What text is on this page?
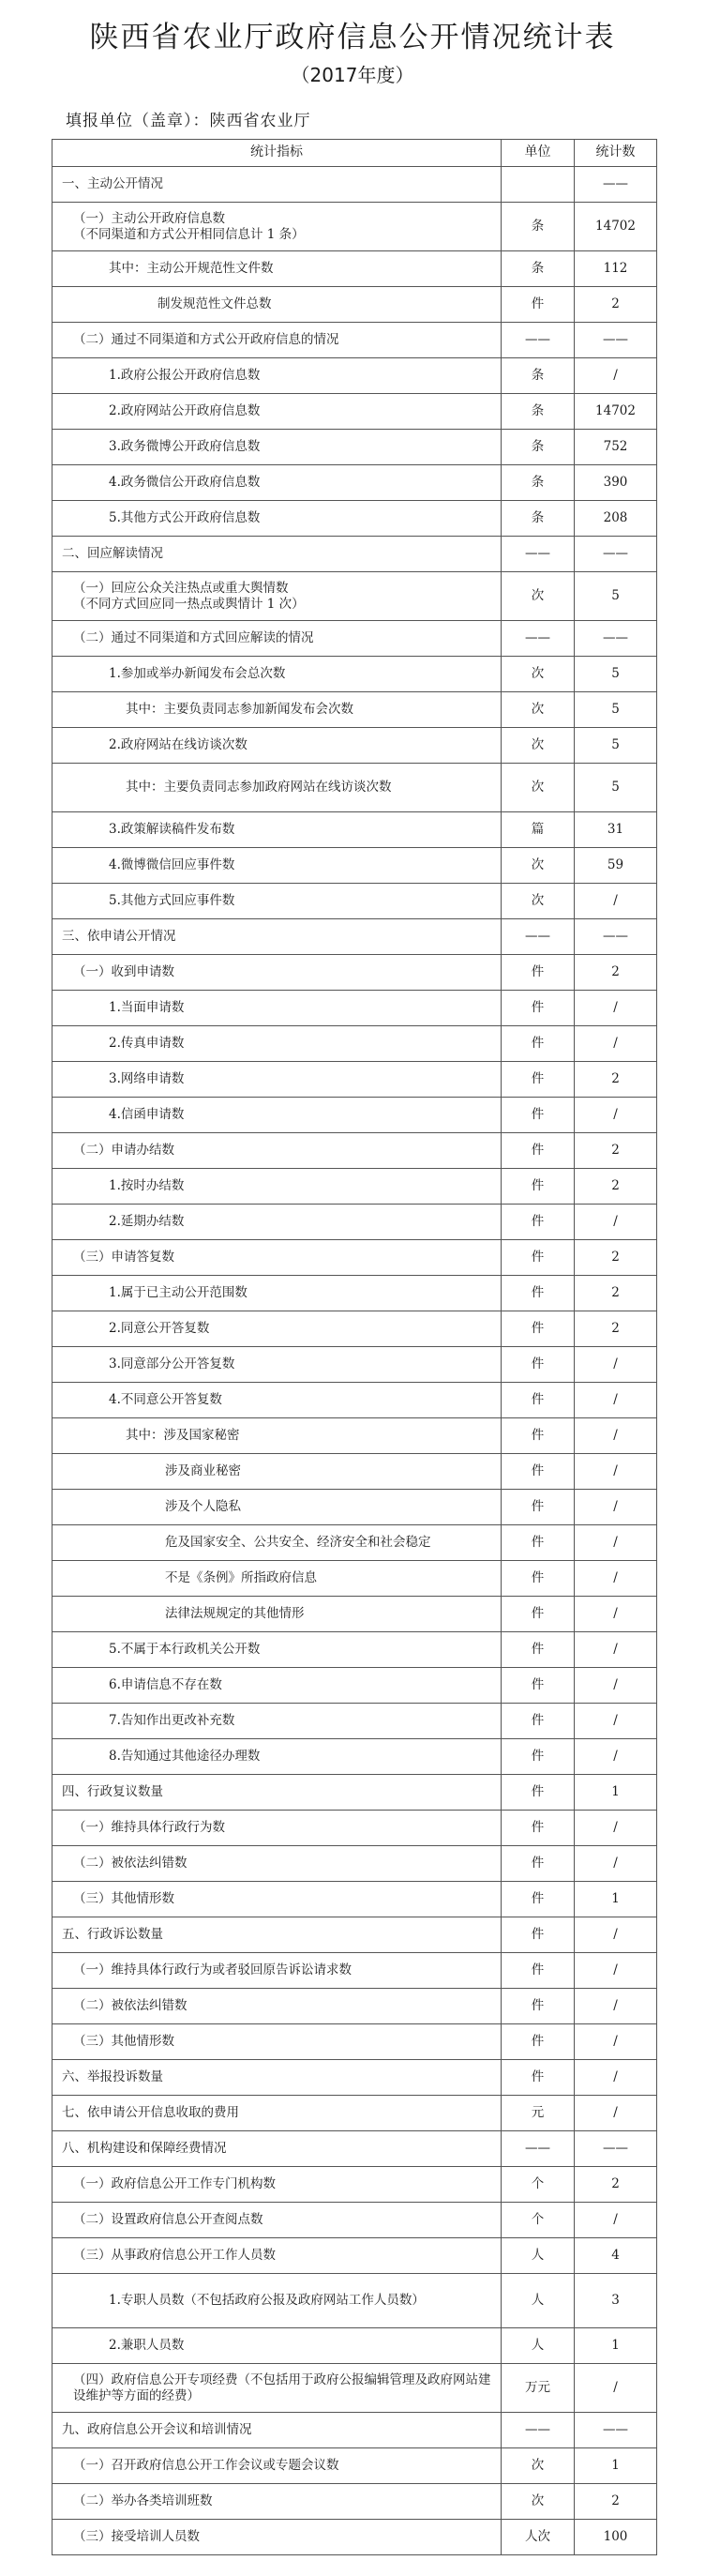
陕西省农业厅政府信息公开情况统计表
（2017年度）
填报单位（盖章）：陕西省农业厅
统计指标	单位	统计数
一、主动公开情况		——
（一）主动公开政府信息数
（不同渠道和方式公开相同信息计 1 条）	条	14702
其中：主动公开规范性文件数	条	112
制发规范性文件总数	件	2
（二）通过不同渠道和方式公开政府信息的情况	——	——
1.政府公报公开政府信息数	条	/
2.政府网站公开政府信息数	条	14702
3.政务微博公开政府信息数	条	752
4.政务微信公开政府信息数	条	390
5.其他方式公开政府信息数	条	208
二、回应解读情况	——	——
（一）回应公众关注热点或重大舆情数
（不同方式回应同一热点或舆情计 1 次）	次	5
（二）通过不同渠道和方式回应解读的情况	——	——
1.参加或举办新闻发布会总次数	次	5
其中：主要负责同志参加新闻发布会次数	次	5
2.政府网站在线访谈次数	次	5
其中：主要负责同志参加政府网站在线访谈次数	次	5
3.政策解读稿件发布数	篇	31
4.微博微信回应事件数	次	59
5.其他方式回应事件数	次	/
三、依申请公开情况	——	——
（一）收到申请数	件	2
1.当面申请数	件	/
2.传真申请数	件	/
3.网络申请数	件	2
4.信函申请数	件	/
（二）申请办结数	件	2
1.按时办结数	件	2
2.延期办结数	件	/
（三）申请答复数	件	2
1.属于已主动公开范围数	件	2
2.同意公开答复数	件	2
3.同意部分公开答复数	件	/
4.不同意公开答复数	件	/
其中：涉及国家秘密	件	/
涉及商业秘密	件	/
涉及个人隐私	件	/
危及国家安全、公共安全、经济安全和社会稳定	件	/
不是《条例》所指政府信息	件	/
法律法规规定的其他情形	件	/
5.不属于本行政机关公开数	件	/
6.申请信息不存在数	件	/
7.告知作出更改补充数	件	/
8.告知通过其他途径办理数	件	/
四、行政复议数量	件	1
（一）维持具体行政行为数	件	/
（二）被依法纠错数	件	/
（三）其他情形数	件	1
五、行政诉讼数量	件	/
（一）维持具体行政行为或者驳回原告诉讼请求数	件	/
（二）被依法纠错数	件	/
（三）其他情形数	件	/
六、举报投诉数量	件	/
七、依申请公开信息收取的费用	元	/
八、机构建设和保障经费情况	——	——
（一）政府信息公开工作专门机构数	个	2
（二）设置政府信息公开查阅点数	个	/
（三）从事政府信息公开工作人员数	人	4
1.专职人员数（不包括政府公报及政府网站工作人员数）	人	3
2.兼职人员数	人	1
（四）政府信息公开专项经费（不包括用于政府公报编辑管理及政府网站建设维护等方面的经费）	万元	/
九、政府信息公开会议和培训情况	——	——
（一）召开政府信息公开工作会议或专题会议数	次	1
（二）举办各类培训班数	次	2
（三）接受培训人员数	人次	100
